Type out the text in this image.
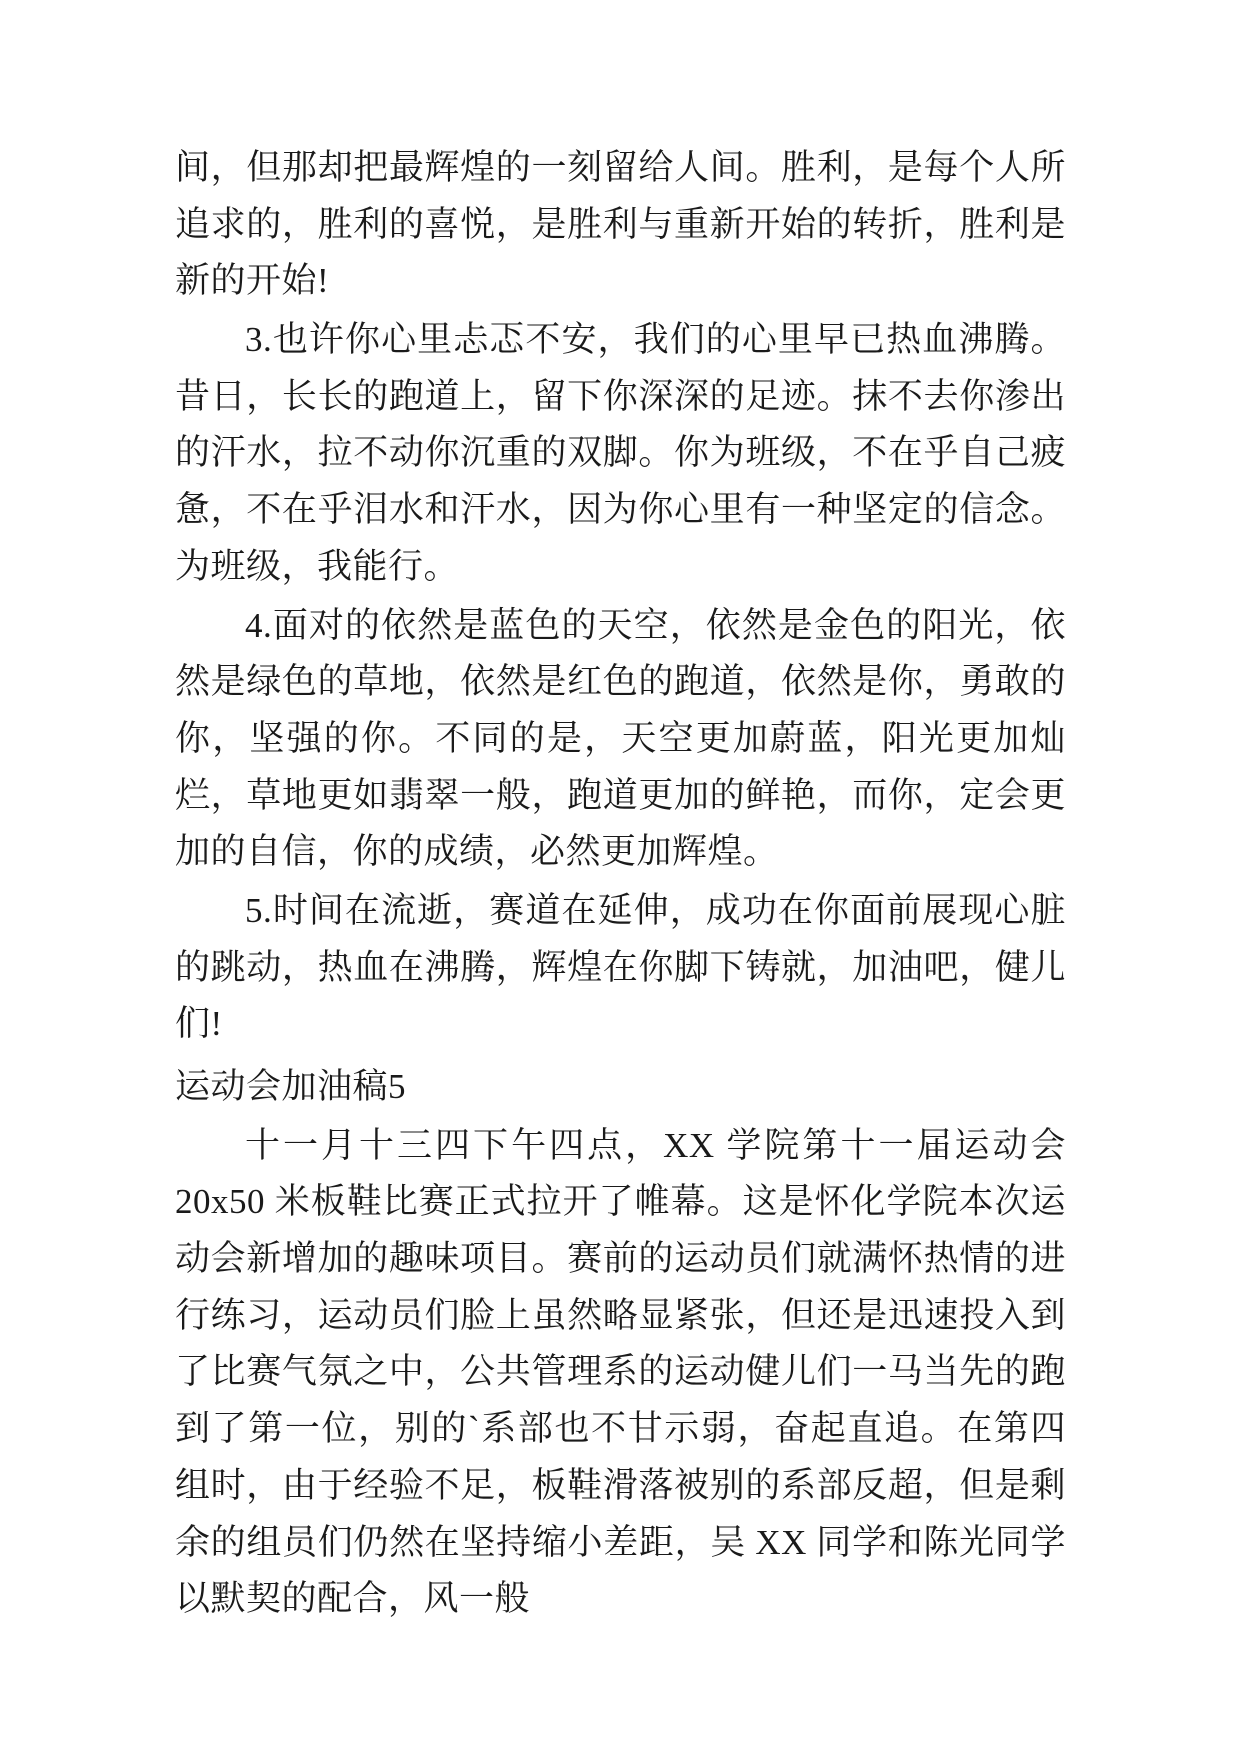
间，但那却把最辉煌的一刻留给人间。胜利，是每个人所追求的，胜利的喜悦，是胜利与重新开始的转折，胜利是新的开始!

3.也许你心里忐忑不安，我们的心里早已热血沸腾。昔日，长长的跑道上，留下你深深的足迹。抹不去你渗出的汗水，拉不动你沉重的双脚。你为班级，不在乎自己疲惫，不在乎泪水和汗水，因为你心里有一种坚定的信念。为班级，我能行。

4.面对的依然是蓝色的天空，依然是金色的阳光，依然是绿色的草地，依然是红色的跑道，依然是你，勇敢的你，坚强的你。不同的是，天空更加蔚蓝，阳光更加灿烂，草地更如翡翠一般，跑道更加的鲜艳，而你，定会更加的自信，你的成绩，必然更加辉煌。

5.时间在流逝，赛道在延伸，成功在你面前展现心脏的跳动，热血在沸腾，辉煌在你脚下铸就，加油吧，健儿们!

运动会加油稿5

十一月十三四下午四点，XX 学院第十一届运动会 20x50 米板鞋比赛正式拉开了帷幕。这是怀化学院本次运动会新增加的趣味项目。赛前的运动员们就满怀热情的进行练习，运动员们脸上虽然略显紧张，但还是迅速投入到了比赛气氛之中，公共管理系的运动健儿们一马当先的跑到了第一位，别的`系部也不甘示弱，奋起直追。在第四组时，由于经验不足，板鞋滑落被别的系部反超，但是剩余的组员们仍然在坚持缩小差距，吴 XX 同学和陈光同学以默契的配合，风一般
